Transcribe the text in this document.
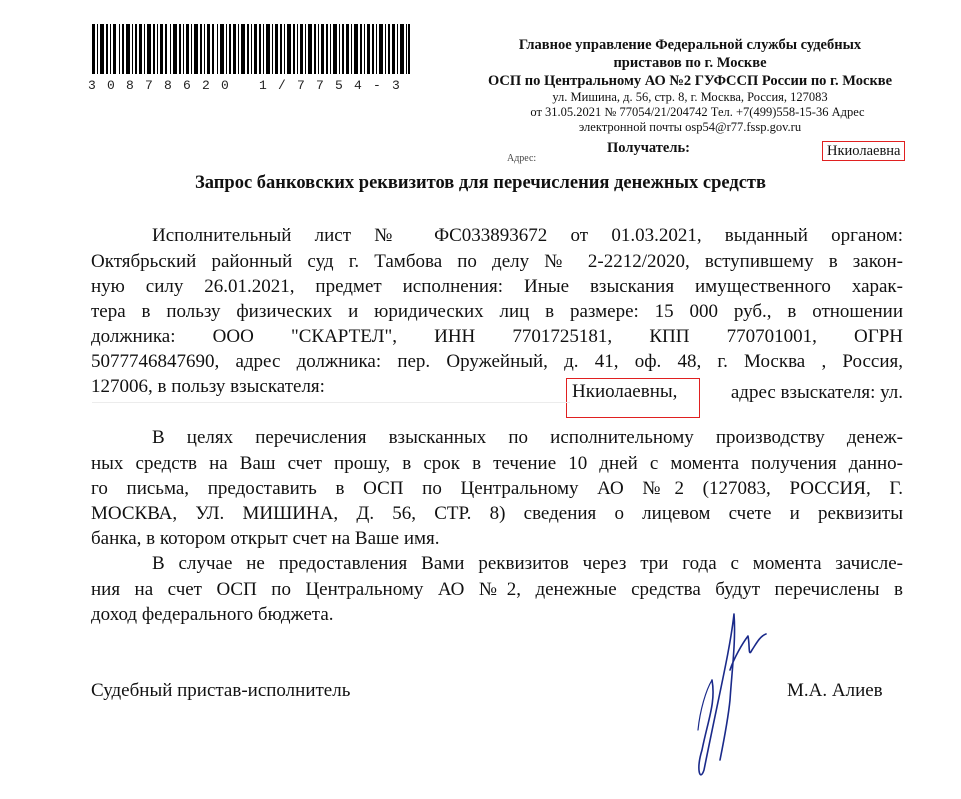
30878620 1/7754-3
Главное управление Федеральной службы судебных
приставов по г. Москве
ОСП по Центральному АО №2 ГУФССП России по г. Москве
ул. Мишина, д. 56, стр. 8, г. Москва, Россия, 127083
от 31.05.2021 № 77054/21/204742 Тел. +7(499)558-15-36 Адрес
электронной почты osp54@r77.fssp.gov.ru
Получатель:	Нкиолаевна
Адрес:
Запрос банковских реквизитов для перечисления денежных средств
Исполнительный лист № ФС033893672 от 01.03.2021, выданный органом:
Октябрьский районный суд г. Тамбова по делу № 2-2212/2020, вступившему в закон-
ную силу 26.01.2021, предмет исполнения: Иные взыскания имущественного харак-
тера в пользу физических и юридических лиц в размере: 15 000 руб., в отношении
должника: ООО "СКАРТЕЛ", ИНН 7701725181, КПП 770701001, ОГРН
5077746847690, адрес должника: пер. Оружейный, д. 41, оф. 48, г. Москва , Россия,
127006, в пользу взыскателя:	Нкиолаевны,	адрес взыскателя: ул.
В целях перечисления взысканных по исполнительному производству денеж-
ных средств на Ваш счет прошу, в срок в течение 10 дней с момента получения данно-
го письма, предоставить в ОСП по Центральному АО №2 (127083, РОССИЯ, Г.
МОСКВА, УЛ. МИШИНА, Д. 56, СТР. 8) сведения о лицевом счете и реквизиты
банка, в котором открыт счет на Ваше имя.
В случае не предоставления Вами реквизитов через три года с момента зачисле-
ния на счет ОСП по Центральному АО №2, денежные средства будут перечислены в
доход федерального бюджета.
Судебный пристав-исполнитель	М.А. Алиев
